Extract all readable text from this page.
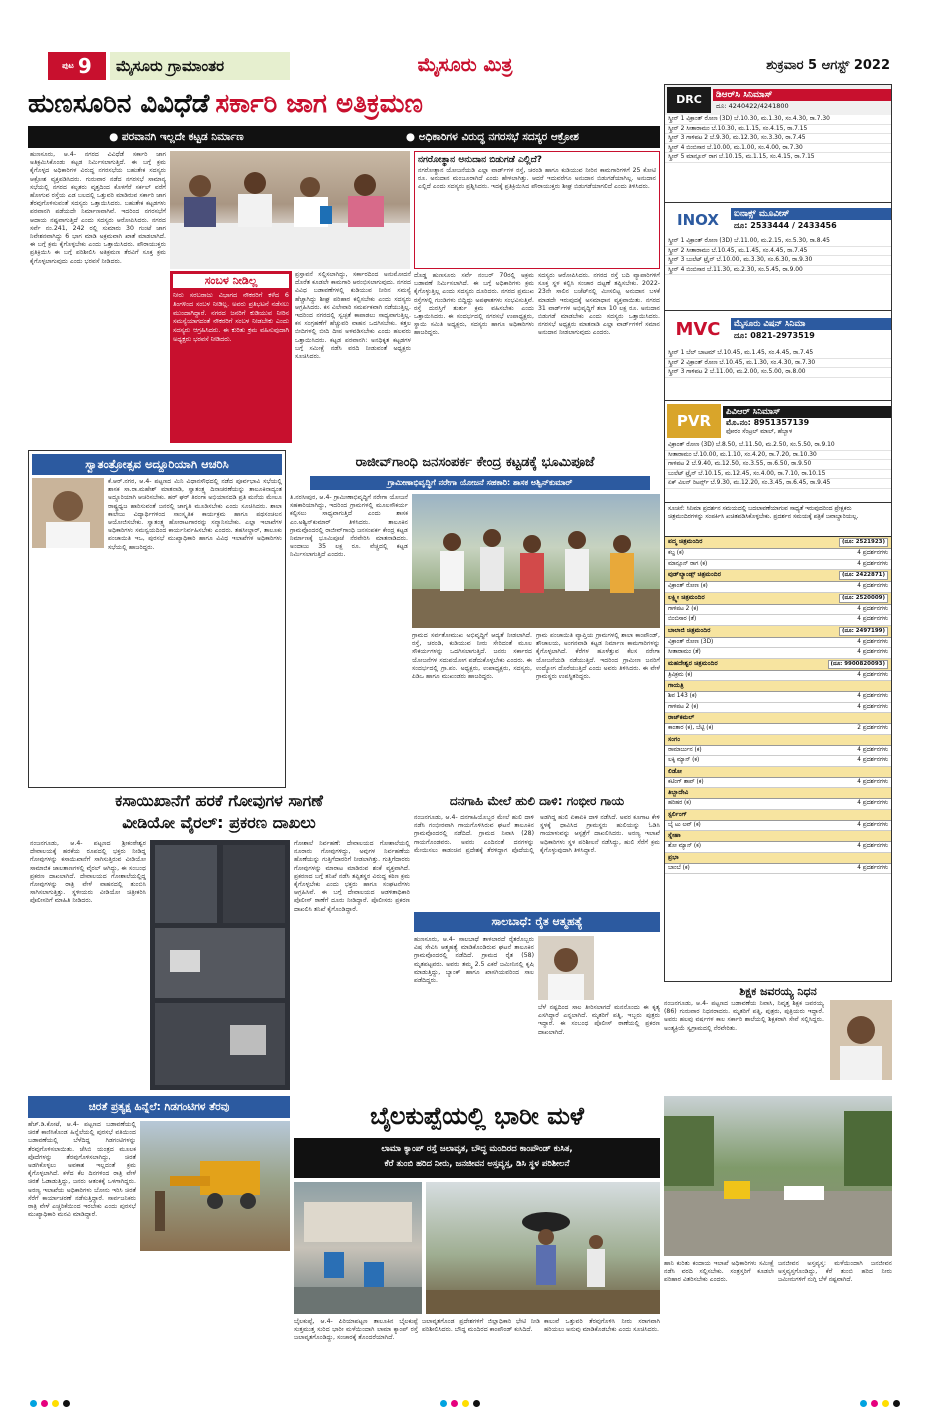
ಪುಟ 9	ಮೈಸೂರು ಗ್ರಾಮಾಂತರ	ಮೈಸೂರು ಮಿತ್ರ	ಶುಕ್ರವಾರ 5 ಆಗಸ್ಟ್ 2022
ಹುಣಸೂರಿನ ವಿವಿಧೆಡೆ ಸರ್ಕಾರಿ ಜಾಗ ಅತಿಕ್ರಮಣ
● ಪರವಾನಗಿ ಇಲ್ಲದೇ ಕಟ್ಟಡ ನಿರ್ಮಾಣ	● ಅಧಿಕಾರಿಗಳ ವಿರುದ್ಧ ನಗರಸಭೆ ಸದಸ್ಯರ ಆಕ್ರೋಶ
ಹುಣಸೂರು, ಆ.4- ನಗರದ ವಿವಿಧೆಡೆ ಸರ್ಕಾರಿ ಜಾಗ ಅತಿಕ್ರಮಿಸಿಕೊಂಡು ಕಟ್ಟಡ ನಿರ್ಮಿಸಲಾಗುತ್ತಿದೆ. ಈ ಬಗ್ಗೆ ಕ್ರಮ ಕೈಗೊಳ್ಳದ ಅಧಿಕಾರಿಗಳ ವಿರುದ್ಧ ನಗರಸಭೆಯ ಬಹುತೇಕ ಸದಸ್ಯರು ಆಕ್ರೋಶ ವ್ಯಕ್ತಪಡಿಸಿದರು. ಗುರುವಾರ ನಡೆದ ನಗರಸಭೆ ಸಾಮಾನ್ಯ ಸಭೆಯಲ್ಲಿ ನಗರದ ಕಲ್ಪತರು ವೃತ್ತದಿಂದ ಕೊಳಗೆರೆ ಸರ್ಕಲ್ ವರೆಗೆ ಹೋಗುವ ರಸ್ತೆಯ ಎಡ ಬಲದಲ್ಲಿ ಒತ್ತುವರಿ ಮಾಡಿರುವ ಸರ್ಕಾರಿ ಜಾಗ ತೆರವುಗೊಳಿಸುವಂತೆ ಸದಸ್ಯರು ಒತ್ತಾಯಿಸಿದರು. ಬಹುತೇಕ ಕಟ್ಟಡಗಳು ಪರವಾನಗಿ ಪಡೆಯದೇ ನಿರ್ಮಾಣವಾಗಿವೆ. ಇದರಿಂದ ನಗರಸಭೆಗೆ ಆದಾಯ ನಷ್ಟವಾಗುತ್ತಿದೆ ಎಂದು ಸದಸ್ಯರು ಆರೋಪಿಸಿದರು. ನಗರದ ಸರ್ವೆ ನಂ.241, 242 ರಲ್ಲಿ ಸುಮಾರು 30 ಗುಂಟೆ ಜಾಗ ನಿವೇಶನವಾಗಿದ್ದು 6 ಭಾಗ ಮಾಡಿ ಅಕ್ರಮವಾಗಿ ಖಾತೆ ಮಾಡಲಾಗಿದೆ. ಈ ಬಗ್ಗೆ ಕ್ರಮ ಕೈಗೊಳ್ಳಬೇಕು ಎಂದು ಒತ್ತಾಯಿಸಿದರು. ಪೌರಾಯುಕ್ತರು ಪ್ರತಿಕ್ರಿಯಿಸಿ ಈ ಬಗ್ಗೆ ಪರಿಶೀಲಿಸಿ ಅತಿಕ್ರಮಣ ತೆರವಿಗೆ ಸೂಕ್ತ ಕ್ರಮ ಕೈಗೊಳ್ಳಲಾಗುವುದು ಎಂದು ಭರವಸೆ ನೀಡಿದರು.
ಸಂಬಳ ನೀಡಿಲ್ಲ
ನೀರು ಸರಬರಾಜು ವಿಭಾಗದ ನೌಕರರಿಗೆ ಕಳೆದ 6 ತಿಂಗಳಿಂದ ಸಂಬಳ ನೀಡಿಲ್ಲ. ಅವರು ಪ್ರತಿಭಟನೆ ನಡೆಸಲು ಮುಂದಾಗಿದ್ದಾರೆ. ನಗರದ ಜನರಿಗೆ ಕುಡಿಯುವ ನೀರಿನ ಸಮಸ್ಯೆಯಾಗದಂತೆ ನೌಕರರಿಗೆ ಸಂಬಳ ನೀಡಬೇಕು ಎಂದು ಸದಸ್ಯರು ಆಗ್ರಹಿಸಿದರು. ಈ ಕುರಿತು ಕ್ರಮ ವಹಿಸುವುದಾಗಿ ಅಧ್ಯಕ್ಷರು ಭರವಸೆ ನೀಡಿದರು.
ಪ್ರಸ್ತಾವನೆ ಸಲ್ಲಿಸಲಾಗಿದ್ದು, ಸರ್ಕಾರದಿಂದ ಅನುಮೋದನೆ ದೊರೆತ ಕೂಡಲೇ ಕಾಮಗಾರಿ ಆರಂಭಿಸಲಾಗುವುದು. ನಗರದ ವಿವಿಧ ಬಡಾವಣೆಗಳಲ್ಲಿ ಕುಡಿಯುವ ನೀರಿನ ಸಮಸ್ಯೆ ಹೆಚ್ಚಾಗಿದ್ದು ಶೀಘ್ರ ಪರಿಹಾರ ಕಲ್ಪಿಸಬೇಕು ಎಂದು ಸದಸ್ಯರು ಆಗ್ರಹಿಸಿದರು. ಕಸ ವಿಲೇವಾರಿ ಸಮರ್ಪಕವಾಗಿ ನಡೆಯುತ್ತಿಲ್ಲ. ಇದರಿಂದ ನಗರದಲ್ಲಿ ಸ್ವಚ್ಛತೆ ಕಾಪಾಡಲು ಸಾಧ್ಯವಾಗುತ್ತಿಲ್ಲ. ಕಸ ಸಂಗ್ರಹಣೆಗೆ ಹೆಚ್ಚುವರಿ ವಾಹನ ಒದಗಿಸಬೇಕು. ಕತ್ತಲ ಬೀದಿಗಳಲ್ಲಿ ಬೀದಿ ದೀಪ ಅಳವಡಿಸಬೇಕು ಎಂದು ಹಲವರು ಒತ್ತಾಯಿಸಿದರು. ಕಟ್ಟಡ ಪರವಾನಗಿ: ಅನಧಿಕೃತ ಕಟ್ಟಡಗಳ ಬಗ್ಗೆ ಸಮೀಕ್ಷೆ ನಡೆಸಿ ವರದಿ ನೀಡುವಂತೆ ಅಧ್ಯಕ್ಷರು ಸೂಚಿಸಿದರು.
ನಗರೋತ್ಥಾನ ಅನುದಾನ ಬಿಡುಗಡೆ ಎಲ್ಲಿದೆ?
ನಗರೋತ್ಥಾನ ಯೋಜನೆಯಡಿ ಎಲ್ಲಾ ವಾರ್ಡ್‌ಗಳ ರಸ್ತೆ, ಚರಂಡಿ ಹಾಗೂ ಕುಡಿಯುವ ನೀರಿನ ಕಾಮಗಾರಿಗಳಿಗೆ 25 ಕೋಟಿ ರೂ. ಅನುದಾನ ಮಂಜೂರಾಗಿದೆ ಎಂದು ಹೇಳಲಾಗಿತ್ತು. ಆದರೆ ಇದುವರೆಗೂ ಅನುದಾನ ಬಿಡುಗಡೆಯಾಗಿಲ್ಲ. ಅನುದಾನ ಎಲ್ಲಿದೆ ಎಂದು ಸದಸ್ಯರು ಪ್ರಶ್ನಿಸಿದರು. ಇದಕ್ಕೆ ಪ್ರತಿಕ್ರಿಯಿಸಿದ ಪೌರಾಯುಕ್ತರು ಶೀಘ್ರ ಬಿಡುಗಡೆಯಾಗಲಿದೆ ಎಂದು ತಿಳಿಸಿದರು.
ದೊಡ್ಡ ಹುಣಸೂರು ಸರ್ವೆ ನಂಬರ್ 70ರಲ್ಲಿ ಅಕ್ರಮ ಬಡಾವಣೆ ನಿರ್ಮಿಸಲಾಗಿದೆ. ಈ ಬಗ್ಗೆ ಅಧಿಕಾರಿಗಳು ಕ್ರಮ ಕೈಗೊಳ್ಳುತ್ತಿಲ್ಲ ಎಂದು ಸದಸ್ಯರು ದೂರಿದರು. ನಗರದ ಪ್ರಮುಖ ರಸ್ತೆಗಳಲ್ಲಿ ಗುಂಡಿಗಳು ಬಿದ್ದಿದ್ದು ಅಪಘಾತಗಳು ಸಂಭವಿಸುತ್ತಿವೆ. ರಸ್ತೆ ದುರಸ್ತಿಗೆ ತುರ್ತು ಕ್ರಮ ವಹಿಸಬೇಕು ಎಂದು ಒತ್ತಾಯಿಸಿದರು. ಈ ಸಂದರ್ಭದಲ್ಲಿ ನಗರಸಭೆ ಉಪಾಧ್ಯಕ್ಷರು, ಸ್ಥಾಯಿ ಸಮಿತಿ ಅಧ್ಯಕ್ಷರು, ಸದಸ್ಯರು ಹಾಗೂ ಅಧಿಕಾರಿಗಳು ಹಾಜರಿದ್ದರು.
ಸದಸ್ಯರು ಆರೋಪಿಸಿದರು. ನಗರದ ರಸ್ತೆ ಬದಿ ವ್ಯಾಪಾರಿಗಳಿಗೆ ಸೂಕ್ತ ಸ್ಥಳ ಕಲ್ಪಿಸಿ ಸಂಚಾರ ದಟ್ಟಣೆ ತಪ್ಪಿಸಬೇಕು. 2022-23ನೇ ಸಾಲಿನ ಬಜೆಟ್‌ನಲ್ಲಿ ಮೀಸಲಿಟ್ಟ ಅನುದಾನ ಬಳಕೆ ಮಾಡದೇ ಇರುವುದಕ್ಕೆ ಅಸಮಾಧಾನ ವ್ಯಕ್ತವಾಯಿತು. ನಗರದ 31 ವಾರ್ಡ್‌ಗಳ ಅಭಿವೃದ್ಧಿಗೆ ತಲಾ 10 ಲಕ್ಷ ರೂ. ಅನುದಾನ ಬಿಡುಗಡೆ ಮಾಡಬೇಕು ಎಂದು ಸದಸ್ಯರು ಒತ್ತಾಯಿಸಿದರು. ನಗರಸಭೆ ಅಧ್ಯಕ್ಷರು ಮಾತನಾಡಿ ಎಲ್ಲಾ ವಾರ್ಡ್‌ಗಳಿಗೆ ಸಮಾನ ಅನುದಾನ ನೀಡಲಾಗುವುದು ಎಂದರು.
ಸ್ವಾತಂತ್ರೋತ್ಸವ ಅದ್ದೂರಿಯಾಗಿ ಆಚರಿಸಿ
ಕೆ.ಆರ್.ನಗರ, ಆ.4- ಪಟ್ಟಣದ ಮಿನಿ ವಿಧಾನಸೌಧದಲ್ಲಿ ನಡೆದ ಪೂರ್ವಭಾವಿ ಸಭೆಯಲ್ಲಿ ಶಾಸಕ ಸಾ.ರಾ.ಮಹೇಶ್ ಮಾತನಾಡಿ, ಸ್ವಾತಂತ್ರ್ಯ ದಿನಾಚರಣೆಯನ್ನು ತಾಲೂಕಿನಾದ್ಯಂತ ಅದ್ದೂರಿಯಾಗಿ ಆಚರಿಸಬೇಕು. ಹರ್ ಘರ್ ತಿರಂಗಾ ಅಭಿಯಾನದಡಿ ಪ್ರತಿ ಮನೆಯ ಮೇಲೂ ರಾಷ್ಟ್ರಧ್ವಜ ಹಾರಿಸುವಂತೆ ಜನರಲ್ಲಿ ಜಾಗೃತಿ ಮೂಡಿಸಬೇಕು ಎಂದು ಸೂಚಿಸಿದರು. ಶಾಲಾ ಕಾಲೇಜು ವಿದ್ಯಾರ್ಥಿಗಳಿಂದ ಸಾಂಸ್ಕೃತಿಕ ಕಾರ್ಯಕ್ರಮ ಹಾಗೂ ಪಥಸಂಚಲನ ಆಯೋಜಿಸಬೇಕು. ಸ್ವಾತಂತ್ರ್ಯ ಹೋರಾಟಗಾರರನ್ನು ಸನ್ಮಾನಿಸಬೇಕು. ಎಲ್ಲಾ ಇಲಾಖೆಗಳ ಅಧಿಕಾರಿಗಳು ಸಮನ್ವಯದಿಂದ ಕಾರ್ಯನಿರ್ವಹಿಸಬೇಕು ಎಂದರು. ತಹಸೀಲ್ದಾರ್, ತಾಲೂಕು ಪಂಚಾಯಿತಿ ಇಒ, ಪುರಸಭೆ ಮುಖ್ಯಾಧಿಕಾರಿ ಹಾಗೂ ವಿವಿಧ ಇಲಾಖೆಗಳ ಅಧಿಕಾರಿಗಳು ಸಭೆಯಲ್ಲಿ ಹಾಜರಿದ್ದರು.
ರಾಜೀವ್‌ಗಾಂಧಿ ಜನಸಂಪರ್ಕ ಕೇಂದ್ರ ಕಟ್ಟಡಕ್ಕೆ ಭೂಮಿಪೂಜೆ
ಗ್ರಾಮೀಣಾಭಿವೃದ್ಧಿಗೆ ನರೇಗಾ ಯೋಜನೆ ಸಹಕಾರಿ: ಶಾಸಕ ಅಶ್ವಿನ್‌ಕುಮಾರ್
ತಿ.ನರಸೀಪುರ, ಆ.4- ಗ್ರಾಮೀಣಾಭಿವೃದ್ಧಿಗೆ ನರೇಗಾ ಯೋಜನೆ ಸಹಕಾರಿಯಾಗಿದ್ದು, ಇದರಿಂದ ಗ್ರಾಮಗಳಲ್ಲಿ ಮೂಲಸೌಕರ್ಯ ಕಲ್ಪಿಸಲು ಸಾಧ್ಯವಾಗುತ್ತಿದೆ ಎಂದು ಶಾಸಕ ಎಂ.ಅಶ್ವಿನ್‌ಕುಮಾರ್ ತಿಳಿಸಿದರು. ತಾಲೂಕಿನ ಗ್ರಾಮವೊಂದರಲ್ಲಿ ರಾಜೀವ್‌ಗಾಂಧಿ ಜನಸಂಪರ್ಕ ಕೇಂದ್ರ ಕಟ್ಟಡ ನಿರ್ಮಾಣಕ್ಕೆ ಭೂಮಿಪೂಜೆ ನೆರವೇರಿಸಿ ಮಾತನಾಡಿದರು. ಅಂದಾಜು 35 ಲಕ್ಷ ರೂ. ವೆಚ್ಚದಲ್ಲಿ ಕಟ್ಟಡ ನಿರ್ಮಿಸಲಾಗುತ್ತಿದೆ ಎಂದರು.
ಗ್ರಾಮದ ಸರ್ವತೋಮುಖ ಅಭಿವೃದ್ಧಿಗೆ ಆದ್ಯತೆ ನೀಡಲಾಗಿದೆ. ರಸ್ತೆ, ಚರಂಡಿ, ಕುಡಿಯುವ ನೀರು ಸೇರಿದಂತೆ ಮೂಲ ಸೌಕರ್ಯಗಳನ್ನು ಒದಗಿಸಲಾಗುತ್ತಿದೆ. ಜನರು ಸರ್ಕಾರದ ಯೋಜನೆಗಳ ಸದುಪಯೋಗ ಪಡೆದುಕೊಳ್ಳಬೇಕು ಎಂದರು. ಈ ಸಂದರ್ಭದಲ್ಲಿ ಗ್ರಾ.ಪಂ. ಅಧ್ಯಕ್ಷರು, ಉಪಾಧ್ಯಕ್ಷರು, ಸದಸ್ಯರು, ಪಿಡಿಒ ಹಾಗೂ ಮುಖಂಡರು ಹಾಜರಿದ್ದರು.
ಗ್ರಾಮ ಪಂಚಾಯಿತಿ ವ್ಯಾಪ್ತಿಯ ಗ್ರಾಮಗಳಲ್ಲಿ ಶಾಲಾ ಕಾಂಪೌಂಡ್, ಶೌಚಾಲಯ, ಅಂಗನವಾಡಿ ಕಟ್ಟಡ ನಿರ್ಮಾಣ ಕಾಮಗಾರಿಗಳನ್ನು ಕೈಗೊಳ್ಳಲಾಗಿದೆ. ಕೆರೆಗಳ ಹೂಳೆತ್ತುವ ಕೆಲಸ ನರೇಗಾ ಯೋಜನೆಯಡಿ ನಡೆಯುತ್ತಿದೆ. ಇದರಿಂದ ಗ್ರಾಮೀಣ ಜನರಿಗೆ ಉದ್ಯೋಗ ದೊರೆಯುತ್ತಿದೆ ಎಂದು ಅವರು ತಿಳಿಸಿದರು. ಈ ವೇಳೆ ಗ್ರಾಮಸ್ಥರು ಉಪಸ್ಥಿತರಿದ್ದರು.
ಕಸಾಯಿಖಾನೆಗೆ ಹರಕೆ ಗೋವುಗಳ ಸಾಗಣೆ
ವೀಡಿಯೋ ವೈರಲ್: ಪ್ರಕರಣ ದಾಖಲು
ನಂಜನಗೂಡು, ಆ.4- ಪಟ್ಟಣದ ಶ್ರೀಕಂಠೇಶ್ವರ ದೇವಾಲಯಕ್ಕೆ ಹರಕೆಯ ರೂಪದಲ್ಲಿ ಭಕ್ತರು ನೀಡಿದ್ದ ಗೋವುಗಳನ್ನು ಕಸಾಯಿಖಾನೆಗೆ ಸಾಗಿಸುತ್ತಿರುವ ವೀಡಿಯೋ ಸಾಮಾಜಿಕ ಜಾಲತಾಣಗಳಲ್ಲಿ ವೈರಲ್ ಆಗಿದ್ದು, ಈ ಸಂಬಂಧ ಪ್ರಕರಣ ದಾಖಲಾಗಿದೆ. ದೇವಾಲಯದ ಗೋಶಾಲೆಯಲ್ಲಿದ್ದ ಗೋವುಗಳನ್ನು ರಾತ್ರಿ ವೇಳೆ ವಾಹನದಲ್ಲಿ ತುಂಬಿಸಿ ಸಾಗಿಸಲಾಗುತ್ತಿತ್ತು. ಸ್ಥಳೀಯರು ವೀಡಿಯೋ ಚಿತ್ರೀಕರಿಸಿ ಪೊಲೀಸರಿಗೆ ಮಾಹಿತಿ ನೀಡಿದರು.
ಗೋಶಾಲೆ ನಿರ್ವಹಣೆ: ದೇವಾಲಯದ ಗೋಶಾಲೆಯಲ್ಲಿ ನೂರಾರು ಗೋವುಗಳಿದ್ದು, ಅವುಗಳ ನಿರ್ವಹಣೆಯ ಹೊಣೆಯನ್ನು ಗುತ್ತಿಗೆದಾರರಿಗೆ ನೀಡಲಾಗಿತ್ತು. ಗುತ್ತಿಗೆದಾರರು ಗೋವುಗಳನ್ನು ಮಾರಾಟ ಮಾಡಿರುವ ಶಂಕೆ ವ್ಯಕ್ತವಾಗಿದೆ. ಪ್ರಕರಣದ ಬಗ್ಗೆ ತನಿಖೆ ನಡೆಸಿ ತಪ್ಪಿತಸ್ಥರ ವಿರುದ್ಧ ಕಠಿಣ ಕ್ರಮ ಕೈಗೊಳ್ಳಬೇಕು ಎಂದು ಭಕ್ತರು ಹಾಗೂ ಸಂಘಟನೆಗಳು ಆಗ್ರಹಿಸಿವೆ. ಈ ಬಗ್ಗೆ ದೇವಾಲಯದ ಆಡಳಿತಾಧಿಕಾರಿ ಪೊಲೀಸ್ ಠಾಣೆಗೆ ದೂರು ನೀಡಿದ್ದಾರೆ. ಪೊಲೀಸರು ಪ್ರಕರಣ ದಾಖಲಿಸಿ ತನಿಖೆ ಕೈಗೊಂಡಿದ್ದಾರೆ.
ದನಗಾಹಿ ಮೇಲೆ ಹುಲಿ ದಾಳಿ: ಗಂಭೀರ ಗಾಯ
ನಂಜನಗೂಡು, ಆ.4- ದನಗಾಹಿಯೊಬ್ಬರ ಮೇಲೆ ಹುಲಿ ದಾಳಿ ನಡೆಸಿ ಗಂಭೀರವಾಗಿ ಗಾಯಗೊಳಿಸಿರುವ ಘಟನೆ ತಾಲೂಕಿನ ಗ್ರಾಮವೊಂದರಲ್ಲಿ ನಡೆದಿದೆ. ಗ್ರಾಮದ ನಿವಾಸಿ (28) ಗಾಯಗೊಂಡವರು. ಅವರು ಎಂದಿನಂತೆ ದನಗಳನ್ನು ಮೇಯಿಸಲು ಕಾಡಂಚಿನ ಪ್ರದೇಶಕ್ಕೆ ತೆರಳಿದ್ದಾಗ ಪೊದೆಯಲ್ಲಿ ಅಡಗಿದ್ದ ಹುಲಿ ಏಕಾಏಕಿ ದಾಳಿ ನಡೆಸಿದೆ. ಅವರ ಕೂಗಾಟ ಕೇಳಿ ಸ್ಥಳಕ್ಕೆ ಧಾವಿಸಿದ ಗ್ರಾಮಸ್ಥರು ಹುಲಿಯನ್ನು ಓಡಿಸಿ ಗಾಯಾಳುವನ್ನು ಆಸ್ಪತ್ರೆಗೆ ದಾಖಲಿಸಿದರು. ಅರಣ್ಯ ಇಲಾಖೆ ಅಧಿಕಾರಿಗಳು ಸ್ಥಳ ಪರಿಶೀಲನೆ ನಡೆಸಿದ್ದು, ಹುಲಿ ಸೆರೆಗೆ ಕ್ರಮ ಕೈಗೊಳ್ಳುವುದಾಗಿ ತಿಳಿಸಿದ್ದಾರೆ.
ಸಾಲಬಾಧೆ: ರೈತ ಆತ್ಮಹತ್ಯೆ
ಹುಣಸೂರು, ಆ.4- ಸಾಲಬಾಧೆ ತಾಳಲಾರದೆ ರೈತರೊಬ್ಬರು ವಿಷ ಸೇವಿಸಿ ಆತ್ಮಹತ್ಯೆ ಮಾಡಿಕೊಂಡಿರುವ ಘಟನೆ ತಾಲೂಕಿನ ಗ್ರಾಮವೊಂದರಲ್ಲಿ ನಡೆದಿದೆ. ಗ್ರಾಮದ ರೈತ (58) ಮೃತಪಟ್ಟವರು. ಅವರು ತಮ್ಮ 2.5 ಎಕರೆ ಜಮೀನಿನಲ್ಲಿ ಕೃಷಿ ಮಾಡುತ್ತಿದ್ದು, ಬ್ಯಾಂಕ್ ಹಾಗೂ ಖಾಸಗಿಯವರಿಂದ ಸಾಲ ಪಡೆದಿದ್ದರು.
ಬೆಳೆ ನಷ್ಟದಿಂದ ಸಾಲ ತೀರಿಸಲಾಗದೆ ಮನನೊಂದು ಈ ಕೃತ್ಯ ಎಸಗಿದ್ದಾರೆ ಎನ್ನಲಾಗಿದೆ. ಮೃತರಿಗೆ ಪತ್ನಿ, ಇಬ್ಬರು ಪುತ್ರರು ಇದ್ದಾರೆ. ಈ ಸಂಬಂಧ ಪೊಲೀಸ್ ಠಾಣೆಯಲ್ಲಿ ಪ್ರಕರಣ ದಾಖಲಾಗಿದೆ.
DRC	ಡಿಆರ್‌ಸಿ ಸಿನಿಮಾಸ್
ದೂ: 4240422/4241800
ಸ್ಕ್ರೀನ್ 1 ವಿಕ್ರಾಂತ್ ರೋಣ (3D) ಬೆ.10.30, ಮ.1.30, ಸಂ.4.30, ರಾ.7.30
ಸ್ಕ್ರೀನ್ 2 ಸೀತಾರಾಮಂ ಬೆ.10.30, ಮ.1.15, ಸಂ.4.15, ರಾ.7.15
ಸ್ಕ್ರೀನ್ 3 ಗಾಳಿಪಟ 2 ಬೆ.9.30, ಮ.12.30, ಸಂ.3.30, ರಾ.7.45
ಸ್ಕ್ರೀನ್ 4 ಬಿಂಬಿಸಾರ ಬೆ.10.00, ಮ.1.00, ಸಂ.4.00, ರಾ.7.30
ಸ್ಕ್ರೀನ್ 5 ಮಾನ್ಸೂನ್ ರಾಗ ಬೆ.10.15, ಮ.1.15, ಸಂ.4.15, ರಾ.7.15
INOX	ಐನಾಕ್ಸ್ ಮೂವೀಸ್
ದೂ: 2533444 / 2433456
ಸ್ಕ್ರೀನ್ 1 ವಿಕ್ರಾಂತ್ ರೋಣ (3D) ಬೆ.11.00, ಮ.2.15, ಸಂ.5.30, ರಾ.8.45
ಸ್ಕ್ರೀನ್ 2 ಸೀತಾರಾಮಂ ಬೆ.10.45, ಮ.1.45, ಸಂ.4.45, ರಾ.7.45
ಸ್ಕ್ರೀನ್ 3 ಬುಲೆಟ್ ಟ್ರೈನ್ ಬೆ.10.00, ಮ.3.30, ಸಂ.6.30, ರಾ.9.30
ಸ್ಕ್ರೀನ್ 4 ಬಿಂಬಿಸಾರ ಬೆ.11.30, ಮ.2.30, ಸಂ.5.45, ರಾ.9.00
MVC	ಮೈಸೂರು ವಿಷನ್ ಸಿನಿಮಾ
ದೂ: 0821-2973519
ಸ್ಕ್ರೀನ್ 1 ಬೆಲ್ ಬಾಟಮ್ ಬೆ.10.45, ಮ.1.45, ಸಂ.4.45, ರಾ.7.45
ಸ್ಕ್ರೀನ್ 2 ವಿಕ್ರಾಂತ್ ರೋಣ ಬೆ.10.45, ಮ.1.30, ಸಂ.4.30, ರಾ.7.30
ಸ್ಕ್ರೀನ್ 3 ಗಾಳಿಪಟ 2 ಬೆ.11.00, ಮ.2.00, ಸಂ.5.00, ರಾ.8.00
PVR	ಪಿವಿಆರ್ ಸಿನಿಮಾಸ್
ಮೊ.ನಂ: 8951357139
ಫೋರಂ ಸೆಂಟ್ರಲ್ ಮಾಲ್, ಹೆಬ್ಬಾಳ
ವಿಕ್ರಾಂತ್ ರೋಣ (3D) ಬೆ.8.50, ಬೆ.11.50, ಮ.2.50, ಸಂ.5.50, ರಾ.9.10
ಸೀತಾರಾಮಂ ಬೆ.10.00, ಮ.1.10, ಸಂ.4.20, ರಾ.7.20, ರಾ.10.30
ಗಾಳಿಪಟ 2 ಬೆ.9.40, ಮ.12.50, ಸಂ.3.55, ರಾ.6.50, ರಾ.9.50
ಬುಲೆಟ್ ಟ್ರೈನ್ ಬೆ.10.15, ಮ.12.45, ಸಂ.4.00, ರಾ.7.10, ರಾ.10.15
ಏಕ್ ವಿಲನ್ ರಿಟರ್ನ್ಸ್ ಬೆ.9.30, ಮ.12.20, ಸಂ.3.45, ರಾ.6.45, ರಾ.9.45
ಸೂಚನೆ: ಸಿನಿಮಾ ಪ್ರದರ್ಶನ ಸಮಯದಲ್ಲಿ ಬದಲಾವಣೆಯಾಗುವ ಸಾಧ್ಯತೆ ಇರುವುದರಿಂದ ಪ್ರೇಕ್ಷಕರು ಚಿತ್ರಮಂದಿರಗಳನ್ನು ಸಂಪರ್ಕಿಸಿ ಖಚಿತಪಡಿಸಿಕೊಳ್ಳಬೇಕು. ಪ್ರದರ್ಶನ ಸಮಯಕ್ಕೆ ಪತ್ರಿಕೆ ಜವಾಬ್ದಾರಿಯಲ್ಲ.
ಪದ್ಮ ಚಿತ್ರಮಂದಿರ	(ದೂ: 2521923)
ಕಬ್ಜ (ಕ)	4 ಪ್ರದರ್ಶನಗಳು
ಮಾನ್ಸೂನ್ ರಾಗ (ಕ)	4 ಪ್ರದರ್ಶನಗಳು
ವುಡ್‌ಲ್ಯಾಂಡ್ಸ್ ಚಿತ್ರಮಂದಿರ	(ದೂ: 2422871)
ವಿಕ್ರಾಂತ್ ರೋಣ (ಕ)	4 ಪ್ರದರ್ಶನಗಳು
ಲಕ್ಷ್ಮೀ ಚಿತ್ರಮಂದಿರ	(ದೂ: 2520009)
ಗಾಳಿಪಟ 2 (ಕ)	4 ಪ್ರದರ್ಶನಗಳು
ಬಿಂಬಿಸಾರ (ತೆ)	4 ಪ್ರದರ್ಶನಗಳು
ಬಾಲಾಜಿ ಚಿತ್ರಮಂದಿರ	(ದೂ: 2497199)
ವಿಕ್ರಾಂತ್ ರೋಣ (3D)	4 ಪ್ರದರ್ಶನಗಳು
ಸೀತಾರಾಮಂ (ತೆ)	4 ಪ್ರದರ್ಶನಗಳು
ಮಹದೇಶ್ವರ ಚಿತ್ರಮಂದಿರ	(ದೂ: 9900820093)
ತ್ರಿವಿಕ್ರಮ (ಕ)	4 ಪ್ರದರ್ಶನಗಳು
ಗಾಯತ್ರಿ
ಶಿವ 143 (ಕ)	4 ಪ್ರದರ್ಶನಗಳು
ಗಾಳಿಪಟ 2 (ಕ)	4 ಪ್ರದರ್ಶನಗಳು
ರಾಜ್‌ಕಮಲ್
ಕಾಂತಾರ (ಕ), ಬೆಟ್ಟಿ (ಕ)	2 ಪ್ರದರ್ಶನಗಳು
ಸಂಗಂ
ರಾಮಾರ್ಜುನ (ಕ)	4 ಪ್ರದರ್ಶನಗಳು
ಲಕ್ಕಿ ಮ್ಯಾನ್ (ಕ)	4 ಪ್ರದರ್ಶನಗಳು
ಲಿಡೋ
ಕಟಿಂಗ್ ಶಾಪ್ (ಕ)	4 ಪ್ರದರ್ಶನಗಳು
ತಿಬ್ಬಾದೇವಿ
ಹರಿಹರ (ಕ)	4 ಪ್ರದರ್ಶನಗಳು
ಸ್ಟರ್ಲಿಂಗ್
ಬೈ ಟು ಲವ್ (ಕ)	4 ಪ್ರದರ್ಶನಗಳು
ಸ್ನೇಹಾ
ಶೋ ಮ್ಯಾನ್ (ಕ)	4 ಪ್ರದರ್ಶನಗಳು
ಪ್ರಭಾ
ಬಾಂಬೆ (ಕ)	4 ಪ್ರದರ್ಶನಗಳು
ಶಿಕ್ಷಕ ಜವರಯ್ಯ ನಿಧನ
ನಂಜನಗೂಡು, ಆ.4- ಪಟ್ಟಣದ ಬಡಾವಣೆಯ ನಿವಾಸಿ, ನಿವೃತ್ತ ಶಿಕ್ಷಕ ಜವರಯ್ಯ (86) ಗುರುವಾರ ನಿಧನರಾದರು. ಮೃತರಿಗೆ ಪತ್ನಿ, ಪುತ್ರರು, ಪುತ್ರಿಯರು ಇದ್ದಾರೆ. ಅವರು ಹಲವು ವರ್ಷಗಳ ಕಾಲ ಸರ್ಕಾರಿ ಶಾಲೆಯಲ್ಲಿ ಶಿಕ್ಷಕರಾಗಿ ಸೇವೆ ಸಲ್ಲಿಸಿದ್ದರು. ಅಂತ್ಯಕ್ರಿಯೆ ಸ್ವಗ್ರಾಮದಲ್ಲಿ ನೆರವೇರಿತು.
ಚಿರತೆ ಪ್ರತ್ಯಕ್ಷ ಹಿನ್ನೆಲೆ: ಗಿಡಗಂಟಿಗಳ ತೆರವು
ಹೆಚ್.ಡಿ.ಕೋಟೆ, ಆ.4- ಪಟ್ಟಣದ ಬಡಾವಣೆಯಲ್ಲಿ ಚಿರತೆ ಕಾಣಿಸಿಕೊಂಡ ಹಿನ್ನೆಲೆಯಲ್ಲಿ ಪುರಸಭೆ ವತಿಯಿಂದ ಬಡಾವಣೆಯಲ್ಲಿ ಬೆಳೆದಿದ್ದ ಗಿಡಗಂಟಿಗಳನ್ನು ತೆರವುಗೊಳಿಸಲಾಯಿತು. ಜೆಸಿಬಿ ಯಂತ್ರದ ಮೂಲಕ ಪೊದೆಗಳನ್ನು ತೆರವುಗೊಳಿಸಲಾಗಿದ್ದು, ಚಿರತೆ ಅಡಗಿಕೊಳ್ಳಲು ಅವಕಾಶ ಇಲ್ಲದಂತೆ ಕ್ರಮ ಕೈಗೊಳ್ಳಲಾಗಿದೆ. ಕಳೆದ ಕೆಲ ದಿನಗಳಿಂದ ರಾತ್ರಿ ವೇಳೆ ಚಿರತೆ ಓಡಾಡುತ್ತಿದ್ದು, ಜನರು ಆತಂಕಕ್ಕೆ ಒಳಗಾಗಿದ್ದರು. ಅರಣ್ಯ ಇಲಾಖೆಯ ಅಧಿಕಾರಿಗಳು ಬೋನು ಇರಿಸಿ ಚಿರತೆ ಸೆರೆಗೆ ಕಾರ್ಯಾಚರಣೆ ನಡೆಸುತ್ತಿದ್ದಾರೆ. ಸಾರ್ವಜನಿಕರು ರಾತ್ರಿ ವೇಳೆ ಎಚ್ಚರಿಕೆಯಿಂದ ಇರಬೇಕು ಎಂದು ಪುರಸಭೆ ಮುಖ್ಯಾಧಿಕಾರಿ ಮನವಿ ಮಾಡಿದ್ದಾರೆ.
ಬೈಲಕುಪ್ಪೆಯಲ್ಲಿ ಭಾರೀ ಮಳೆ
ಲಾಮಾ ಕ್ಯಾಂಪ್ ರಸ್ತೆ ಜಲಾವೃತ, ಬೌದ್ಧ ಮಂದಿರದ ಕಾಂಪೌಂಡ್ ಕುಸಿತ,
ಕೆರೆ ತುಂಬಿ ಹರಿದ ನೀರು, ಜನಜೀವನ ಅಸ್ತವ್ಯಸ್ತ, ಡಿಸಿ ಸ್ಥಳ ಪರಿಶೀಲನೆ
ಬೈಲಕುಪ್ಪೆ, ಆ.4- ಪಿರಿಯಾಪಟ್ಟಣ ತಾಲೂಕಿನ ಬೈಲಕುಪ್ಪೆ ಸುತ್ತಮುತ್ತ ಸುರಿದ ಭಾರೀ ಮಳೆಯಿಂದಾಗಿ ಲಾಮಾ ಕ್ಯಾಂಪ್ ರಸ್ತೆ ಜಲಾವೃತಗೊಂಡಿದ್ದು, ಸಂಚಾರಕ್ಕೆ ತೊಂದರೆಯಾಗಿದೆ.
ಜಲಾವೃತಗೊಂಡ ಪ್ರದೇಶಗಳಿಗೆ ಜಿಲ್ಲಾಧಿಕಾರಿ ಭೇಟಿ ನೀಡಿ ಪರಿಶೀಲಿಸಿದರು. ಬೌದ್ಧ ಮಂದಿರದ ಕಾಂಪೌಂಡ್ ಕುಸಿದಿದೆ.
ಕಾಲುವೆ ಒತ್ತುವರಿ ತೆರವುಗೊಳಿಸಿ ನೀರು ಸರಾಗವಾಗಿ ಹರಿಯಲು ಅನುವು ಮಾಡಿಕೊಡಬೇಕು ಎಂದು ಸೂಚಿಸಿದರು.
ಹಾನಿ ಕುರಿತು ಕಂದಾಯ ಇಲಾಖೆ ಅಧಿಕಾರಿಗಳು ಸಮೀಕ್ಷೆ ನಡೆಸಿ ವರದಿ ಸಲ್ಲಿಸಬೇಕು. ಸಂತ್ರಸ್ತರಿಗೆ ಕೂಡಲೇ ಪರಿಹಾರ ವಿತರಿಸಬೇಕು ಎಂದರು.
ಜನಜೀವನ ಅಸ್ತವ್ಯಸ್ತ: ಮಳೆಯಿಂದಾಗಿ ಜನಜೀವನ ಅಸ್ತವ್ಯಸ್ತಗೊಂಡಿದ್ದು, ಕೆರೆ ತುಂಬಿ ಹರಿದ ನೀರು ಜಮೀನುಗಳಿಗೆ ನುಗ್ಗಿ ಬೆಳೆ ನಷ್ಟವಾಗಿದೆ.
